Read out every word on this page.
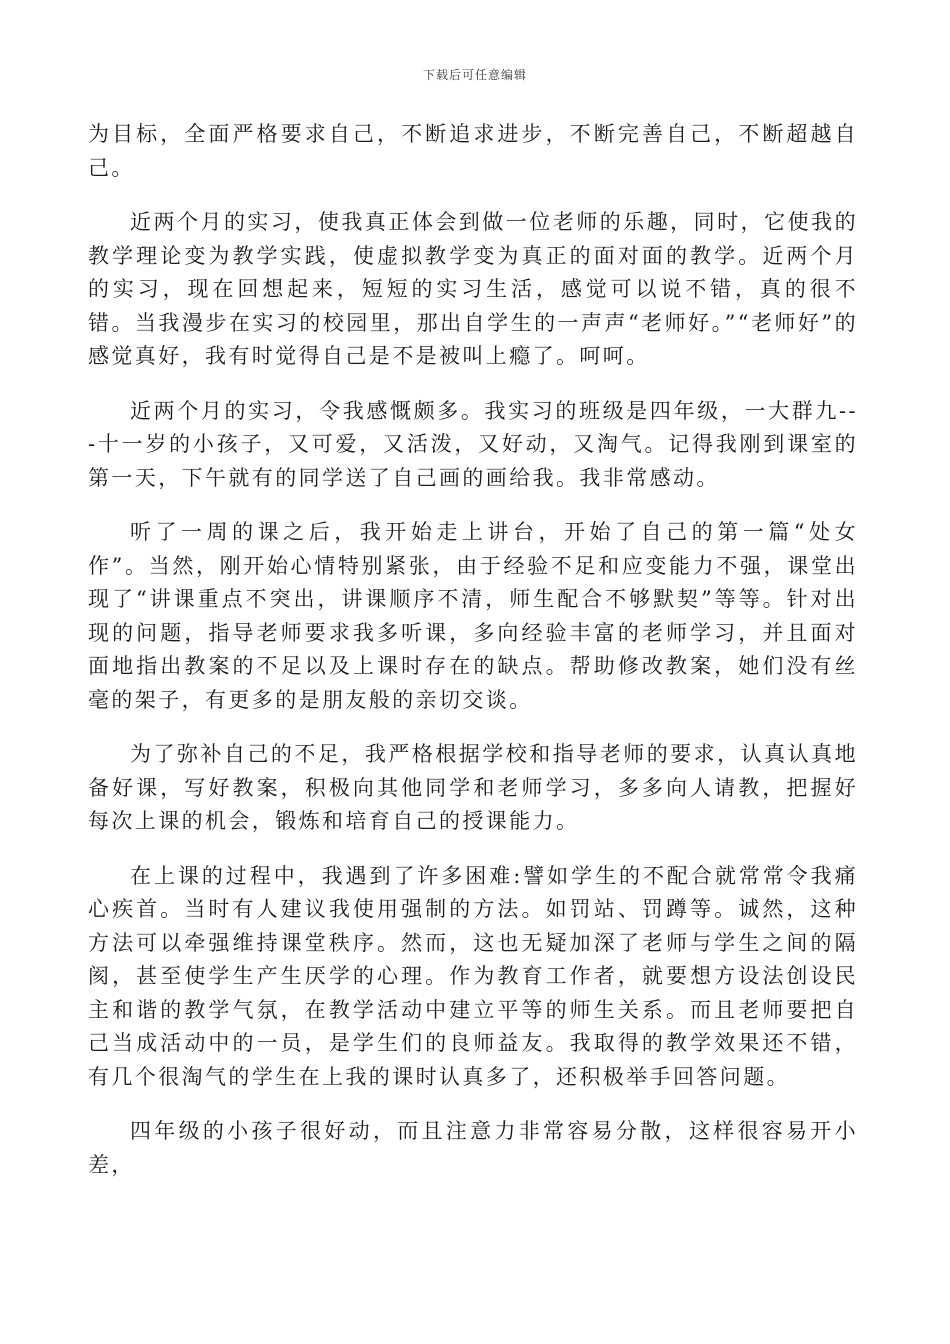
下载后可任意编辑

为目标，全面严格要求自己，不断追求进步，不断完善自己，不断超越自己。

近两个月的实习，使我真正体会到做一位老师的乐趣，同时，它使我的教学理论变为教学实践，使虚拟教学变为真正的面对面的教学。近两个月的实习，现在回想起来，短短的实习生活，感觉可以说不错，真的很不错。当我漫步在实习的校园里，那出自学生的一声声“老师好。”“老师好”的感觉真好，我有时觉得自己是不是被叫上瘾了。呵呵。

近两个月的实习，令我感慨颇多。我实习的班级是四年级，一大群九---十一岁的小孩子，又可爱，又活泼，又好动，又淘气。记得我刚到课室的第一天，下午就有的同学送了自己画的画给我。我非常感动。

听了一周的课之后，我开始走上讲台，开始了自己的第一篇“处女作”。当然，刚开始心情特别紧张，由于经验不足和应变能力不强，课堂出现了“讲课重点不突出，讲课顺序不清，师生配合不够默契”等等。针对出现的问题，指导老师要求我多听课，多向经验丰富的老师学习，并且面对面地指出教案的不足以及上课时存在的缺点。帮助修改教案，她们没有丝毫的架子，有更多的是朋友般的亲切交谈。

为了弥补自己的不足，我严格根据学校和指导老师的要求，认真认真地备好课，写好教案，积极向其他同学和老师学习，多多向人请教，把握好每次上课的机会，锻炼和培育自己的授课能力。

在上课的过程中，我遇到了许多困难:譬如学生的不配合就常常令我痛心疾首。当时有人建议我使用强制的方法。如罚站、罚蹲等。诚然，这种方法可以牵强维持课堂秩序。然而，这也无疑加深了老师与学生之间的隔阂，甚至使学生产生厌学的心理。作为教育工作者，就要想方设法创设民主和谐的教学气氛，在教学活动中建立平等的师生关系。而且老师要把自己当成活动中的一员，是学生们的良师益友。我取得的教学效果还不错，有几个很淘气的学生在上我的课时认真多了，还积极举手回答问题。

四年级的小孩子很好动，而且注意力非常容易分散，这样很容易开小差，
